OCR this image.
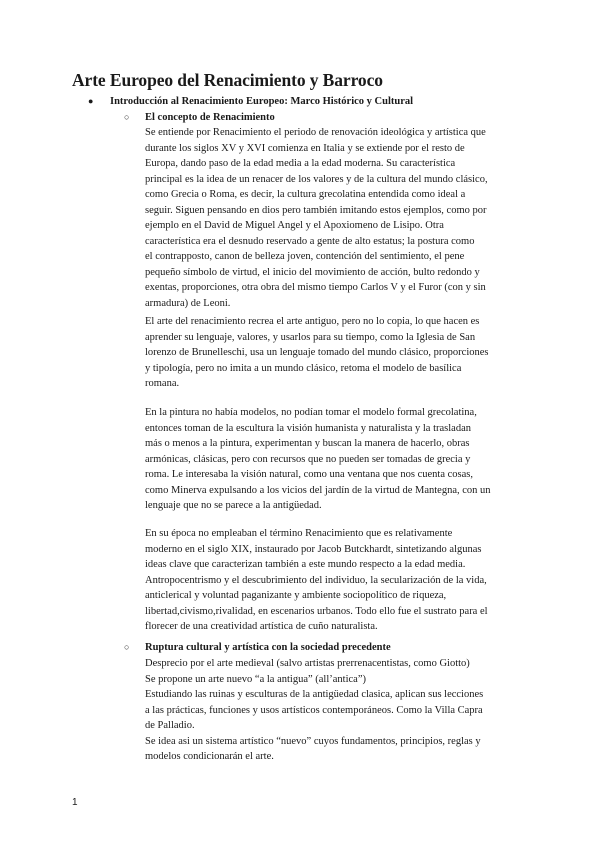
Arte Europeo del Renacimiento y Barroco
● Introducción al Renacimiento Europeo: Marco Histórico y Cultural
○ El concepto de Renacimiento
Se entiende por Renacimiento el periodo de renovación ideológica y artística que
durante los siglos XV y XVI comienza en Italia y se extiende por el resto de
Europa, dando paso de la edad media a la edad moderna. Su característica
principal es la idea de un renacer de los valores y de la cultura del mundo clásico,
como Grecia o Roma, es decir, la cultura grecolatina entendida como ideal a
seguir. Siguen pensando en dios pero también imitando estos ejemplos, como por
ejemplo en el David de Miguel Angel y el Apoxiomeno de Lisipo. Otra
característica era el desnudo reservado a gente de alto estatus; la postura como
el contrapposto, canon de belleza joven, contención del sentimiento, el pene
pequeño símbolo de virtud, el inicio del movimiento de acción, bulto redondo y
exentas, proporciones, otra obra del mismo tiempo Carlos V y el Furor (con y sin
armadura) de Leoni.
El arte del renacimiento recrea el arte antiguo, pero no lo copia, lo que hacen es
aprender su lenguaje, valores, y usarlos para su tiempo, como la Iglesia de San
lorenzo de Brunelleschi, usa un lenguaje tomado del mundo clásico, proporciones
y tipología, pero no imita a un mundo clásico, retoma el modelo de basílica
romana.
En la pintura no había modelos, no podían tomar el modelo formal grecolatina,
entonces toman de la escultura la visión humanista y naturalista y la trasladan
más o menos a la pintura, experimentan y buscan la manera de hacerlo, obras
armónicas, clásicas, pero con recursos que no pueden ser tomadas de grecia y
roma. Le interesaba la visión natural, como una ventana que nos cuenta cosas,
como Minerva expulsando a los vicios del jardín de la virtud de Mantegna, con un
lenguaje que no se parece a la antigüedad.
En su época no empleaban el término Renacimiento que es relativamente
moderno en el siglo XIX, instaurado por Jacob Butckhardt, sintetizando algunas
ideas clave que caracterizan también a este mundo respecto a la edad media.
Antropocentrismo y el descubrimiento del individuo, la secularización de la vida,
anticlerical y voluntad paganizante y ambiente sociopolítico de riqueza,
libertad,civismo,rivalidad, en escenarios urbanos. Todo ello fue el sustrato para el
florecer de una creatividad artística de cuño naturalista.
○ Ruptura cultural y artística con la sociedad precedente
Desprecio por el arte medieval (salvo artistas prerrenacentistas, como Giotto)
Se propone un arte nuevo “a la antigua” (all’antica”)
Estudiando las ruinas y esculturas de la antigüedad clasica, aplican sus lecciones
a las prácticas, funciones y usos artísticos contemporáneos. Como la Villa Capra
de Palladio.
Se idea asi un sistema artístico “nuevo” cuyos fundamentos, principios, reglas y
modelos condicionarán el arte.
1
